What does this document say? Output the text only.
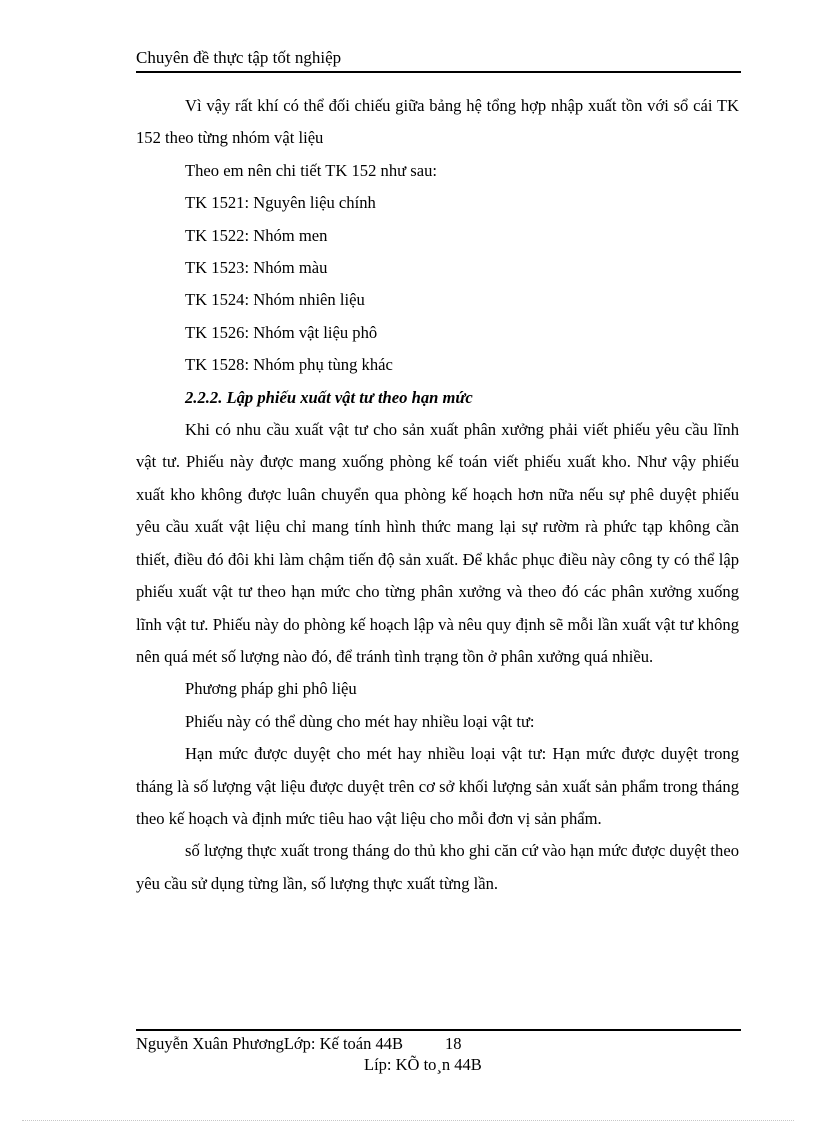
Chuyên đề thực tập tốt nghiệp

Vì vậy rất khí có thể đối chiếu giữa bảng hệ tổng hợp nhập xuất tồn với sổ cái TK 152 theo từng nhóm vật liệu

Theo em nên chi tiết TK 152 như sau:
TK 1521: Nguyên liệu chính
TK 1522: Nhóm men
TK 1523: Nhóm màu
TK 1524: Nhóm nhiên liệu
TK 1526: Nhóm vật liệu phô
TK 1528: Nhóm phụ tùng khác
2.2.2. Lập phiếu xuất vật tư theo hạn mức

Khi có nhu cầu xuất vật tư cho sản xuất phân xưởng phải viết phiếu yêu cầu lĩnh vật tư. Phiếu này được mang xuống phòng kế toán viết phiếu xuất kho. Như vậy phiếu xuất kho không được luân chuyển qua phòng kế hoạch hơn nữa nếu sự phê duyệt phiếu yêu cầu xuất vật liệu chỉ mang tính hình thức mang lại sự rườm rà phức tạp không cần thiết, điều đó đôi khi làm chậm tiến độ sản xuất. Để khắc phục điều này công ty có thể lập phiếu xuất vật tư theo hạn mức cho từng phân xưởng và theo đó các phân xưởng xuống lĩnh vật tư. Phiếu này do phòng kế hoạch lập và nêu quy định sẽ mỗi lần xuất vật tư không nên quá mét số lượng nào đó, để tránh tình trạng tồn ở phân xưởng quá nhiều.

Phương pháp ghi phô liệu
Phiếu này có thể dùng cho mét hay nhiều loại vật tư:

Hạn mức được duyệt cho mét hay nhiều loại vật tư: Hạn mức được duyệt trong tháng là số lượng vật liệu được duyệt trên cơ sở khối lượng sản xuất sản phẩm trong tháng theo kế hoạch và định mức tiêu hao vật liệu cho mỗi đơn vị sản phẩm.

số lượng thực xuất trong tháng do thủ kho ghi căn cứ vào hạn mức được duyệt theo yêu cầu sử dụng từng lần, số lượng thực xuất từng lần.

Nguyễn Xuân PhươngLớp: Kế toán 44B	18
Líp: KÕ to¸n 44B
